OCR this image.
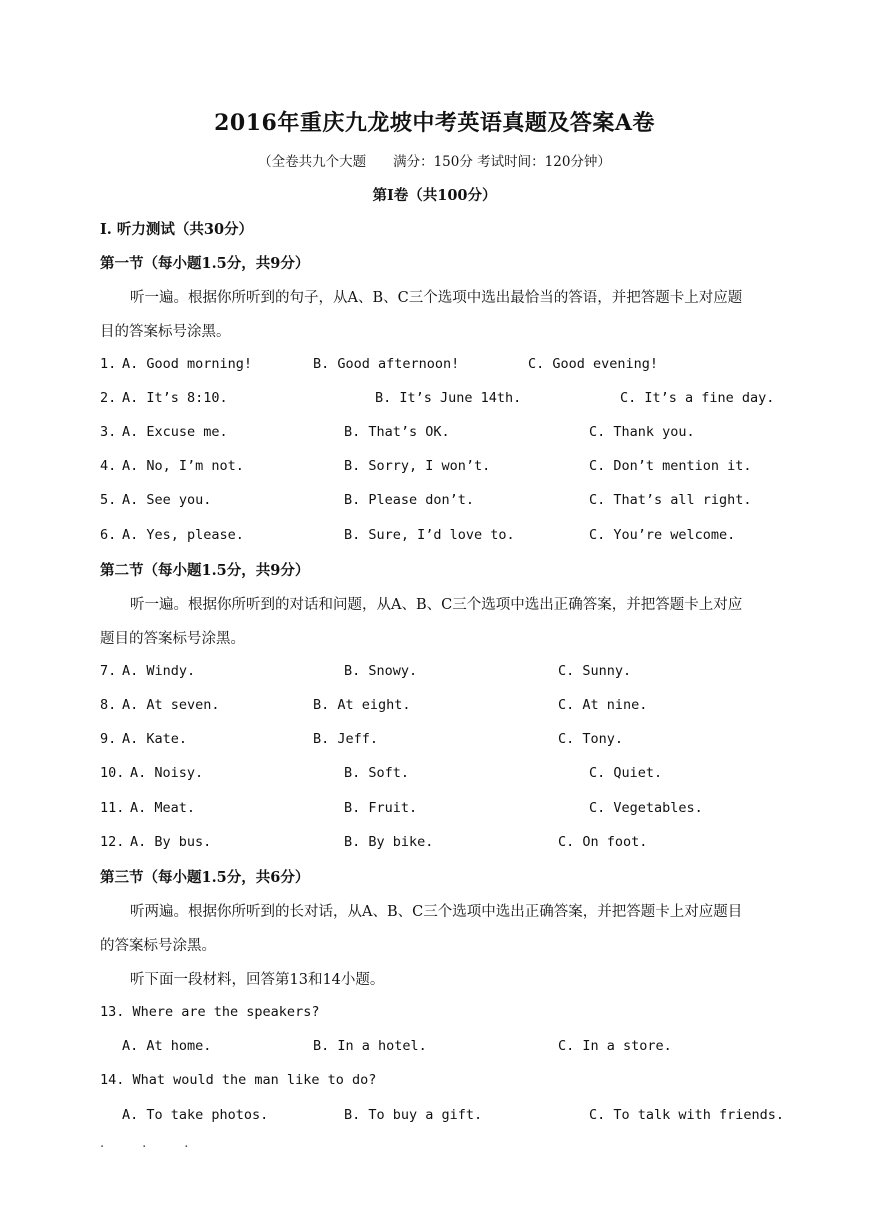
2016年重庆九龙坡中考英语真题及答案A卷
（全卷共九个大题　　满分：150分 考试时间：120分钟）
第Ⅰ卷（共100分）
I. 听力测试（共30分）
第一节（每小题1.5分，共9分）
听一遍。根据你所听到的句子，从A、B、C三个选项中选出最恰当的答语，并把答题卡上对应题
目的答案标号涂黑。
1. A. Good morning!	B. Good afternoon!	C. Good evening!
2. A. It’s 8:10.	B. It’s June 14th.	C. It’s a fine day.
3. A. Excuse me.	B. That’s OK.	C. Thank you.
4. A. No, I’m not.	B. Sorry, I won’t.	C. Don’t mention it.
5. A. See you.	B. Please don’t.	C. That’s all right.
6. A. Yes, please.	B. Sure, I’d love to.	C. You’re welcome.
第二节（每小题1.5分，共9分）
听一遍。根据你所听到的对话和问题，从A、B、C三个选项中选出正确答案，并把答题卡上对应
题目的答案标号涂黑。
7. A. Windy.	B. Snowy.	C. Sunny.
8. A. At seven.	B. At eight.	C. At nine.
9. A. Kate.	B. Jeff.	C. Tony.
10. A. Noisy.	B. Soft.	C. Quiet.
11. A. Meat.	B. Fruit.	C. Vegetables.
12. A. By bus.	B. By bike.	C. On foot.
第三节（每小题1.5分，共6分）
听两遍。根据你所听到的长对话，从A、B、C三个选项中选出正确答案，并把答题卡上对应题目
的答案标号涂黑。
听下面一段材料，回答第13和14小题。
13. Where are the speakers?
A. At home.	B. In a hotel.	C. In a store.
14. What would the man like to do?
A. To take photos.	B. To buy a gift.	C. To talk with friends.
...
